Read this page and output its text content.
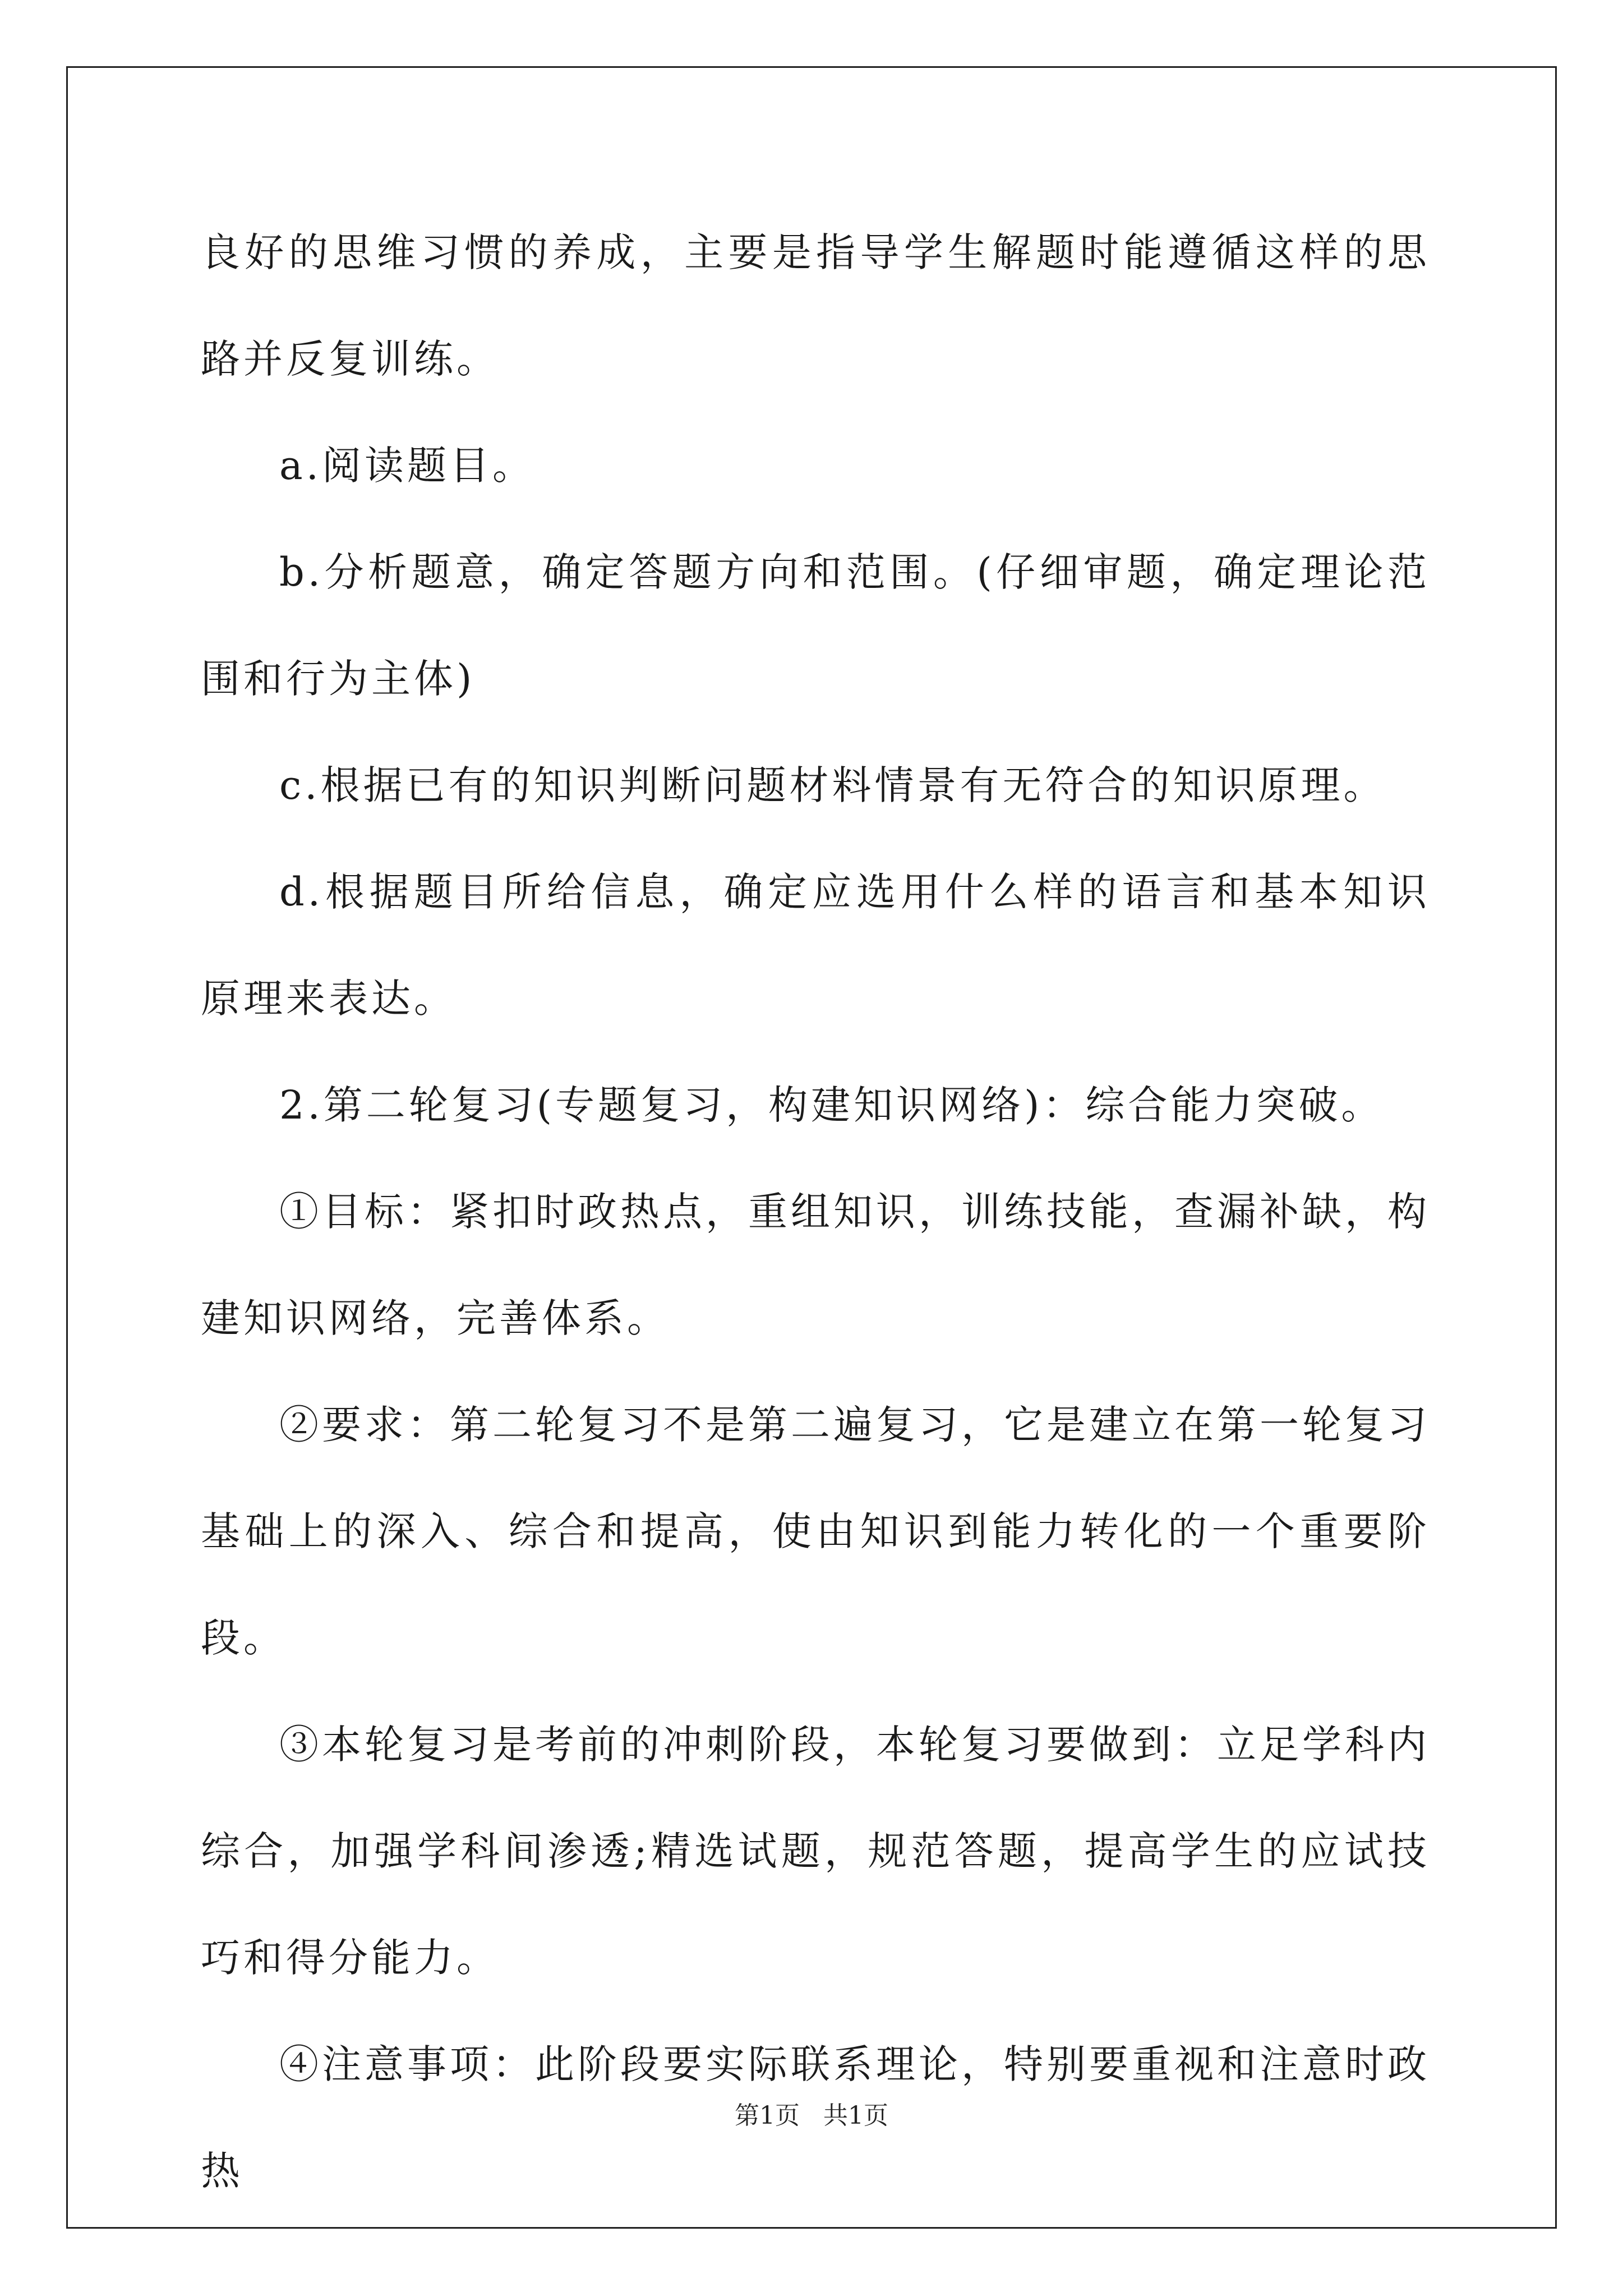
良好的思维习惯的养成，主要是指导学生解题时能遵循这样的思路并反复训练。

a.阅读题目。

b.分析题意，确定答题方向和范围。(仔细审题，确定理论范围和行为主体)

c.根据已有的知识判断问题材料情景有无符合的知识原理。

d.根据题目所给信息，确定应选用什么样的语言和基本知识原理来表达。

2.第二轮复习(专题复习，构建知识网络)：综合能力突破。

①目标：紧扣时政热点，重组知识，训练技能，查漏补缺，构建知识网络，完善体系。

②要求：第二轮复习不是第二遍复习，它是建立在第一轮复习基础上的深入、综合和提高，使由知识到能力转化的一个重要阶段。

③本轮复习是考前的冲刺阶段，本轮复习要做到：立足学科内综合，加强学科间渗透;精选试题，规范答题，提高学生的应试技巧和得分能力。

④注意事项：此阶段要实际联系理论，特别要重视和注意时政热

第1页   共1页
